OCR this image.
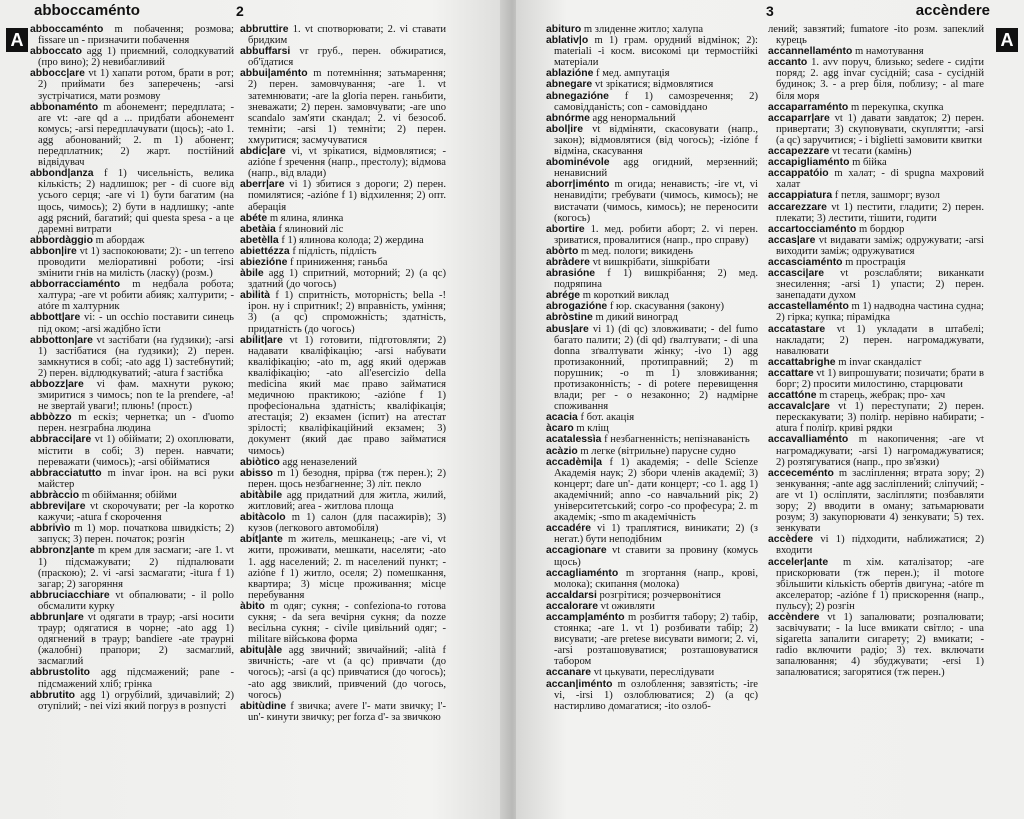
abboccaménto	2
A

abboccaménto m побачення; розмова; fissare un - призначити побачення

abboccato agg 1) приємний, солодкуватий (про вино); 2) невибагливий

abbocc|are vt 1) хапати ротом, брати в рот; 2) приймати без заперечень; -arsi зустрічатися, мати розмову

abbonaménto m абонемент; передплата; -are vt: -are qd a ... придбати абонемент комусь; -arsi передплачувати (щось); -ato 1. agg абонований; 2. m 1) абонент; передплатник; 2) жарт. постійний відвідувач

abbond|anza f 1) чисельність, велика кількість; 2) надлишок; per - di cuore від усього серця; -are vi 1) бути багатим (на щось, чимось); 2) бути в надлишку; -ante agg рясний, багатий; qui questa spesa - а це даремні витрати

abbordàggio m абордаж

abbon|ire vt 1) заспокоювати; 2): - un terreno проводити меліоративні роботи; -irsi змінити гнів на милість (ласку) (розм.)

abborracciaménto m недбала робота; халтура; -are vt робити абияк; халтурити; -atóre m халтурник

abbott|are vi: - un occhio поставити синець під оком; -arsi жадібно їсти

abbotton|are vt застібати (на ґудзики); -arsi 1) застібатися (на ґудзики); 2) перен. замкнутися в собі; -ato agg 1) застебнутий; 2) перен. відлюдкуватий; -atura f застібка

abbozz|are vi фам. махнути рукою; змиритися з чимось; non te la prendere, -a! не звертай уваги!; плюнь! (прост.)

abbòzzo m ескіз; чернетка; un - d'uomo перен. незграбна людина

abbracci|are vt 1) обіймати; 2) охоплювати, містити в собі; 3) перен. навчати; переважати (чимось); -arsi обійматися

abbracciatutto m invar ірон. на всі руки майстер

abbràccio m обіймання; обійми

abbrevi|are vt скорочувати; per -la коротко кажучи; -atura f скорочення

abbrivìo m 1) мор. початкова швидкість; 2) запуск; 3) перен. початок; розгін

abbronz|ante m крем для засмаги; -are 1. vt 1) підсмажувати; 2) підпалювати (праскою); 2. vi -arsi засмагати; -ìtura f 1) загар; 2) загоряння

abbruciacchiare vt обпалювати; - il pollo обсмалити курку

abbrun|are vt одягати в траур; -arsi носити траур; одягатися в чорне; -ato agg 1) одягнений в траур; bandiere -ate траурні (жалобні) прапори; 2) засмаглий, засмаглий

abbrustolito agg підсмажений; pane - підсмажений хліб; грінка

abbrutito agg 1) огрубілий, здичавілий; 2) отупілий; - nei vizi який погруз в розпусті

abbruttire 1. vt спотворювати; 2. vi ставати бридким

abbuffarsi vr груб., перен. обжиратися, об'їдатися

abbui|aménto m потемніння; затьмарення; 2) перен. замовчування; -are 1. vt затемнювати; -are la gloria перен. ганьбити, зневажати; 2) перен. замовчувати; -are uno scandalo зам'яти скандал; 2. vi безособ. темніти; -arsi 1) темніти; 2) перен. хмуритися; засмучуватися

abdic|are vi, vt зрікатися, відмовлятися; -azióne f зречення (напр., престолу); відмова (напр., від влади)

aberr|are vi 1) збитися з дороги; 2) перен. помилятися; -azióne f 1) відхилення; 2) опт. аберація

abéte m ялина, ялинка

abetàia f ялиновий ліс

abetèlla f 1) ялинова колода; 2) жердина

abiettézza f підлість, підлість

abiezióne f приниження; ганьба

àbile agg 1) спритний, моторний; 2) (a qc) здатний (до чогось)

abilità f 1) спритність, моторність; bella -! ірон. ну і спритник!; 2) вправність, уміння; 3) (a qc) спроможність; здатність, придатність (до чогось)

abilit|are vt 1) готовити, підготовляти; 2) надавати кваліфікацію; -arsi набувати кваліфікацію; -ato m, agg який одержав кваліфікацію; -ato all'esercizio della medicina який має право займатися медичною практикою; -azióne f 1) професіональна здатність; кваліфікація; атестація; 2) екзамен (іспит) на атестат зрілості; кваліфікаційний екзамен; 3) документ (який дає право займатися чимось)

abiòtico agg неназелений

abisso m 1) безодня, прірва (тж перен.); 2) перен. щось незбагненне; 3) літ. пекло

abitàbile agg придатний для житла, жилий, житловий; area - житлова площа

abitàcolo m 1) салон (для пасажирів); 3) кузов (легкового автомобіля)

abit|ante m житель, мешканець; -are vi, vt жити, проживати, мешкати, населяти; -ato 1. agg населений; 2. m населений пункт; -azióne f 1) житло, оселя; 2) помешкання, квартира; 3) місце проживання; місце перебування

àbito m одяг; сукня; - confeziona-to готова сукня; - da sera вечірня сукня; da nozze весільна сукня; - civile цивільний одяг; - militare військова форма

abitu|àle agg звичний; звичайний; -alità f звичність; -are vt (a qc) привчати (до чогось); -arsi (a qc) привчатися (до чогось); -ato agg звиклий, привчений (до чогось, чогось)

abitùdine f звичка; avere l'- мати звичку; l'- un'- кинути звичку; per forza d'- за звичкою

3	accèndere
A

abituro m злиденне житло; халупа

ablativ|o m 1) грам. орудний відмінок; 2): materiali -i косм. високомі ци термостійкі матеріали

ablazióne f мед. ампутація

abnegare vt зрікатися; відмовлятися

abnegazióne f 1) самозречення; 2) самовідданість; con - самовіддано

abnórme agg ненормальний

abol|ire vt відміняти, скасовувати (напр., закон); відмовлятися (від чогось); -izióne f відміна, скасування

abominévole agg огидний, мерзенний; ненависний

aborr|iménto m огида; ненависть; -ire vt, vi ненавидіти; гребувати (чимось, кимось); не вистачати (чимось, кимось); не переносити (когось)

abortire 1. мед. робити аборт; 2. vi перен. зриватися, провалитися (напр., про справу)

abòrto m мед. пологи; викидень

abràdere vt вишкрібати, зішкрібати

abrasióne f 1) вишкрібання; 2) мед. подряпина

abrége m короткий виклад

abrogazióne f юр. скасування (закону)

abròstine m дикий виноград

abus|are vi 1) (di qc) зловживати; - del fumo багато палити; 2) (di qd) ґвалтувати; - di una donna зґвалтувати жінку; -ivo 1) agg протизаконний, протиправний; 2) m порушник; -o m 1) зловживання; протизаконність; - di potere перевищення влади; per - o незаконно; 2) надмірне споживання

acacia f бот. акація

àcaro m кліщ

acatalessìa f незбагненність; непізнаваність

acàzio m легке (вітрильне) парусне судно

accadèmi|a f 1) академія; - delle Scienze Академія наук; 2) збори членів академії; 3) концерт; dare un'- дати концерт; -co 1. agg 1) академічний; anno -co навчальний рік; 2) університетський; corpo -co професура; 2. m академік; -smo m академічність

accadére vi 1) траплятися, виникати; 2) (з негат.) бути неподібним

accagionare vt ставити за провину (комусь щось)

accagliaménto m згортання (напр., крові, молока); скипання (молока)

accaldarsi розгрітися; розчервонітися

accalorare vt оживляти

accamp|aménto m розбиття табору; 2) табір, стоянка; -are 1. vt 1) розбивати табір; 2) висувати; -are pretese висувати вимоги; 2. vi, -arsi розташовуватися; розташовуватися табором

accanare vt цькувати, переслідувати

accan|iménto m озлоблення; завзятість; -ire vi, -irsi 1) озлоблюватися; 2) (a qc) настирливо домагатися; -ito озлоб-

лений; завзятий; fumatore -ito розм. запеклий курець

accannellaménto m намотування

accanto 1. avv поруч, близько; sedere - сидіти поряд; 2. agg invar сусідній; casa - сусідній будинок; 3. - a prep біля, поблизу; - al mare біля моря

accaparraménto m перекупка, скупка

accaparr|are vt 1) давати завдаток; 2) перен. привертати; 3) скуповувати, скуплятти; -arsi (a qc) заручитися; - i biglietti замовити квитки

accapezzare vt тесати (камінь)

accapigliaménto m бійка

accappatóio m халат; - di spugna махровий халат

accappiatura f петля, зашморг; вузол

accarezzare vt 1) пестити, гладити; 2) перен. плекати; 3) лестити, тішити, годити

accartocciaménto m бордюр

accas|are vt видавати заміж; одружувати; -arsi виходити заміж; одружуватися

accasciaménto m прострація

accasci|are vt розслабляти; виканкати знесилення; -arsi 1) упасти; 2) перен. занепадати духом

accastellaménto m 1) надводна частина судна; 2) гірка; купка; пірамідка

accatastare vt 1) укладати в штабелі; накладати; 2) перен. нагромаджувати, навалювати

accattabrighe m invar скандаліст

accattare vt 1) випрошувати; позичати; брати в борг; 2) просити милостиню, старцювати

accattóne m старець, жебрак; про- хач

accavalc|are vt 1) переступати; 2) перен. перескакувати; 3) поліґр. нерівно набирати; -atura f поліґр. криві рядки

accavalliaménto m накопичення; -are vt нагромаджувати; -arsi 1) нагромаджуватися; 2) розтягуватися (напр., про зв'язки)

acceceménto m засліплення; втрата зору; 2) зенкування; -ante agg засліплений; сліпучий; -are vt 1) осліпляти, засліпляти; позбавляти зору; 2) вводити в оману; затьмарювати розум; 3) закупорювати 4) зенкувати; 5) тех. зенкувати

accèdere vi 1) підходити, наближатися; 2) входити

acceler|ante m хім. каталізатор; -are прискорювати (тж перен.); il motore збільшити кількість обертів двигуна; -atóre m акселератор; -azióne f 1) прискорення (напр., пульсу); 2) розгін

accèndere vt 1) запалювати; розпалювати; засвічувати; - la luce вмикати світло; - una sigaretta запалити сигарету; 2) вмикати; - radio включити радіо; 3) тех. включати запалювання; 4) збуджувати; -ersi 1) запалюватися; загорятися (тж перен.)
